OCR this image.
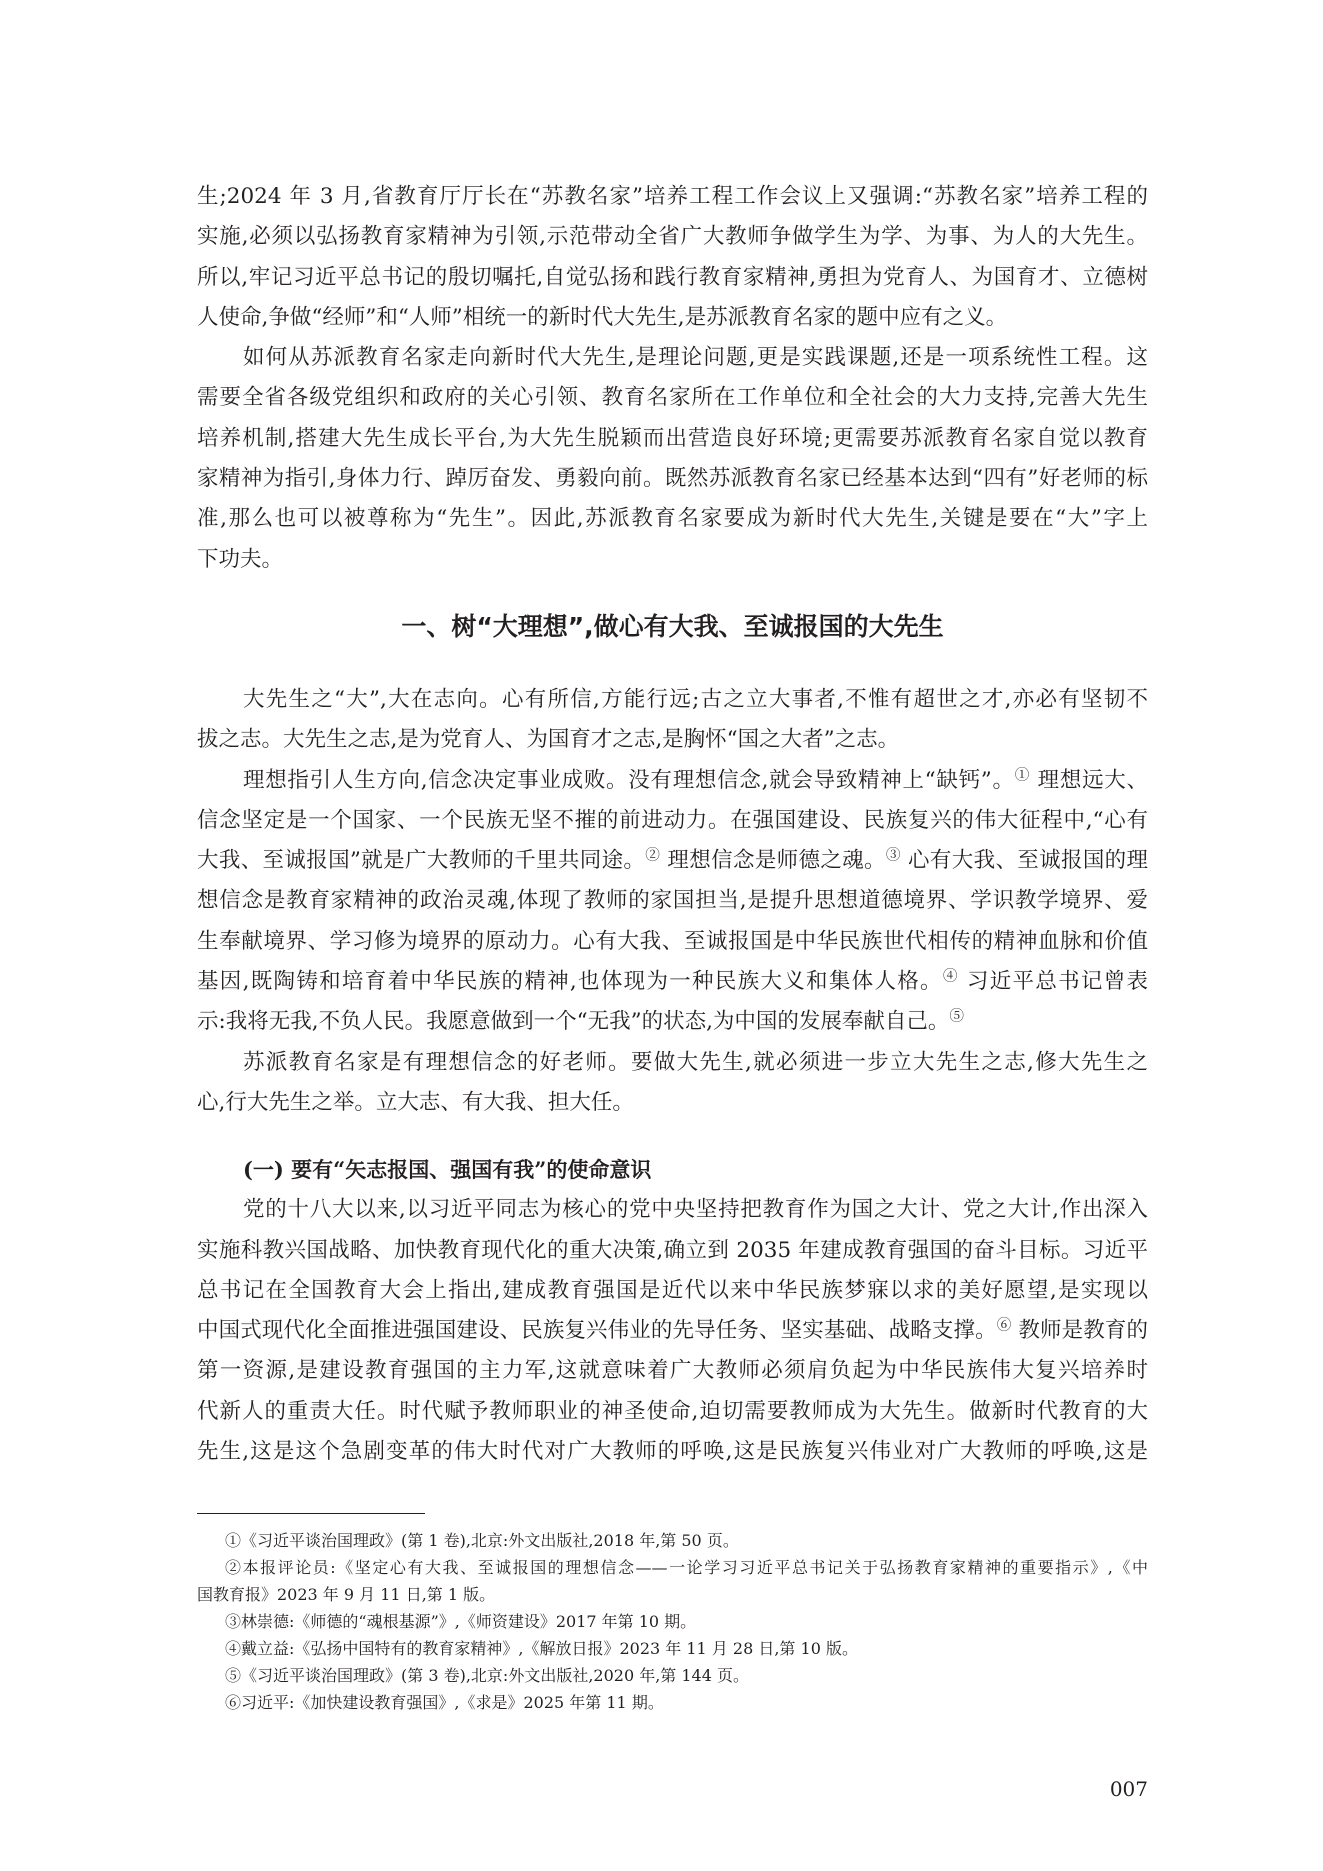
生;2024 年 3 月,省教育厅厅长在“苏教名家”培养工程工作会议上又强调:“苏教名家”培养工程的
实施,必须以弘扬教育家精神为引领,示范带动全省广大教师争做学生为学、为事、为人的大先生。
所以,牢记习近平总书记的殷切嘱托,自觉弘扬和践行教育家精神,勇担为党育人、为国育才、立德树
人使命,争做“经师”和“人师”相统一的新时代大先生,是苏派教育名家的题中应有之义。
如何从苏派教育名家走向新时代大先生,是理论问题,更是实践课题,还是一项系统性工程。这
需要全省各级党组织和政府的关心引领、教育名家所在工作单位和全社会的大力支持,完善大先生
培养机制,搭建大先生成长平台,为大先生脱颖而出营造良好环境;更需要苏派教育名家自觉以教育
家精神为指引,身体力行、踔厉奋发、勇毅向前。既然苏派教育名家已经基本达到“四有”好老师的标
准,那么也可以被尊称为“先生”。因此,苏派教育名家要成为新时代大先生,关键是要在“大”字上
下功夫。
一、树“大理想”,做心有大我、至诚报国的大先生
大先生之“大”,大在志向。心有所信,方能行远;古之立大事者,不惟有超世之才,亦必有坚韧不
拔之志。大先生之志,是为党育人、为国育才之志,是胸怀“国之大者”之志。
理想指引人生方向,信念决定事业成败。没有理想信念,就会导致精神上“缺钙”。① 理想远大、
信念坚定是一个国家、一个民族无坚不摧的前进动力。在强国建设、民族复兴的伟大征程中,“心有
大我、至诚报国”就是广大教师的千里共同途。② 理想信念是师德之魂。③ 心有大我、至诚报国的理
想信念是教育家精神的政治灵魂,体现了教师的家国担当,是提升思想道德境界、学识教学境界、爱
生奉献境界、学习修为境界的原动力。心有大我、至诚报国是中华民族世代相传的精神血脉和价值
基因,既陶铸和培育着中华民族的精神,也体现为一种民族大义和集体人格。④ 习近平总书记曾表
示:我将无我,不负人民。我愿意做到一个“无我”的状态,为中国的发展奉献自己。⑤
苏派教育名家是有理想信念的好老师。要做大先生,就必须进一步立大先生之志,修大先生之
心,行大先生之举。立大志、有大我、担大任。
(一) 要有“矢志报国、强国有我”的使命意识
党的十八大以来,以习近平同志为核心的党中央坚持把教育作为国之大计、党之大计,作出深入
实施科教兴国战略、加快教育现代化的重大决策,确立到 2035 年建成教育强国的奋斗目标。习近平
总书记在全国教育大会上指出,建成教育强国是近代以来中华民族梦寐以求的美好愿望,是实现以
中国式现代化全面推进强国建设、民族复兴伟业的先导任务、坚实基础、战略支撑。⑥ 教师是教育的
第一资源,是建设教育强国的主力军,这就意味着广大教师必须肩负起为中华民族伟大复兴培养时
代新人的重责大任。时代赋予教师职业的神圣使命,迫切需要教师成为大先生。做新时代教育的大
先生,这是这个急剧变革的伟大时代对广大教师的呼唤,这是民族复兴伟业对广大教师的呼唤,这是
①《习近平谈治国理政》(第 1 卷),北京:外文出版社,2018 年,第 50 页。
②本报评论员:《坚定心有大我、至诚报国的理想信念——一论学习习近平总书记关于弘扬教育家精神的重要指示》,《中
国教育报》2023 年 9 月 11 日,第 1 版。
③林崇德:《师德的“魂根基源”》,《师资建设》2017 年第 10 期。
④戴立益:《弘扬中国特有的教育家精神》,《解放日报》2023 年 11 月 28 日,第 10 版。
⑤《习近平谈治国理政》(第 3 卷),北京:外文出版社,2020 年,第 144 页。
⑥习近平:《加快建设教育强国》,《求是》2025 年第 11 期。
007
